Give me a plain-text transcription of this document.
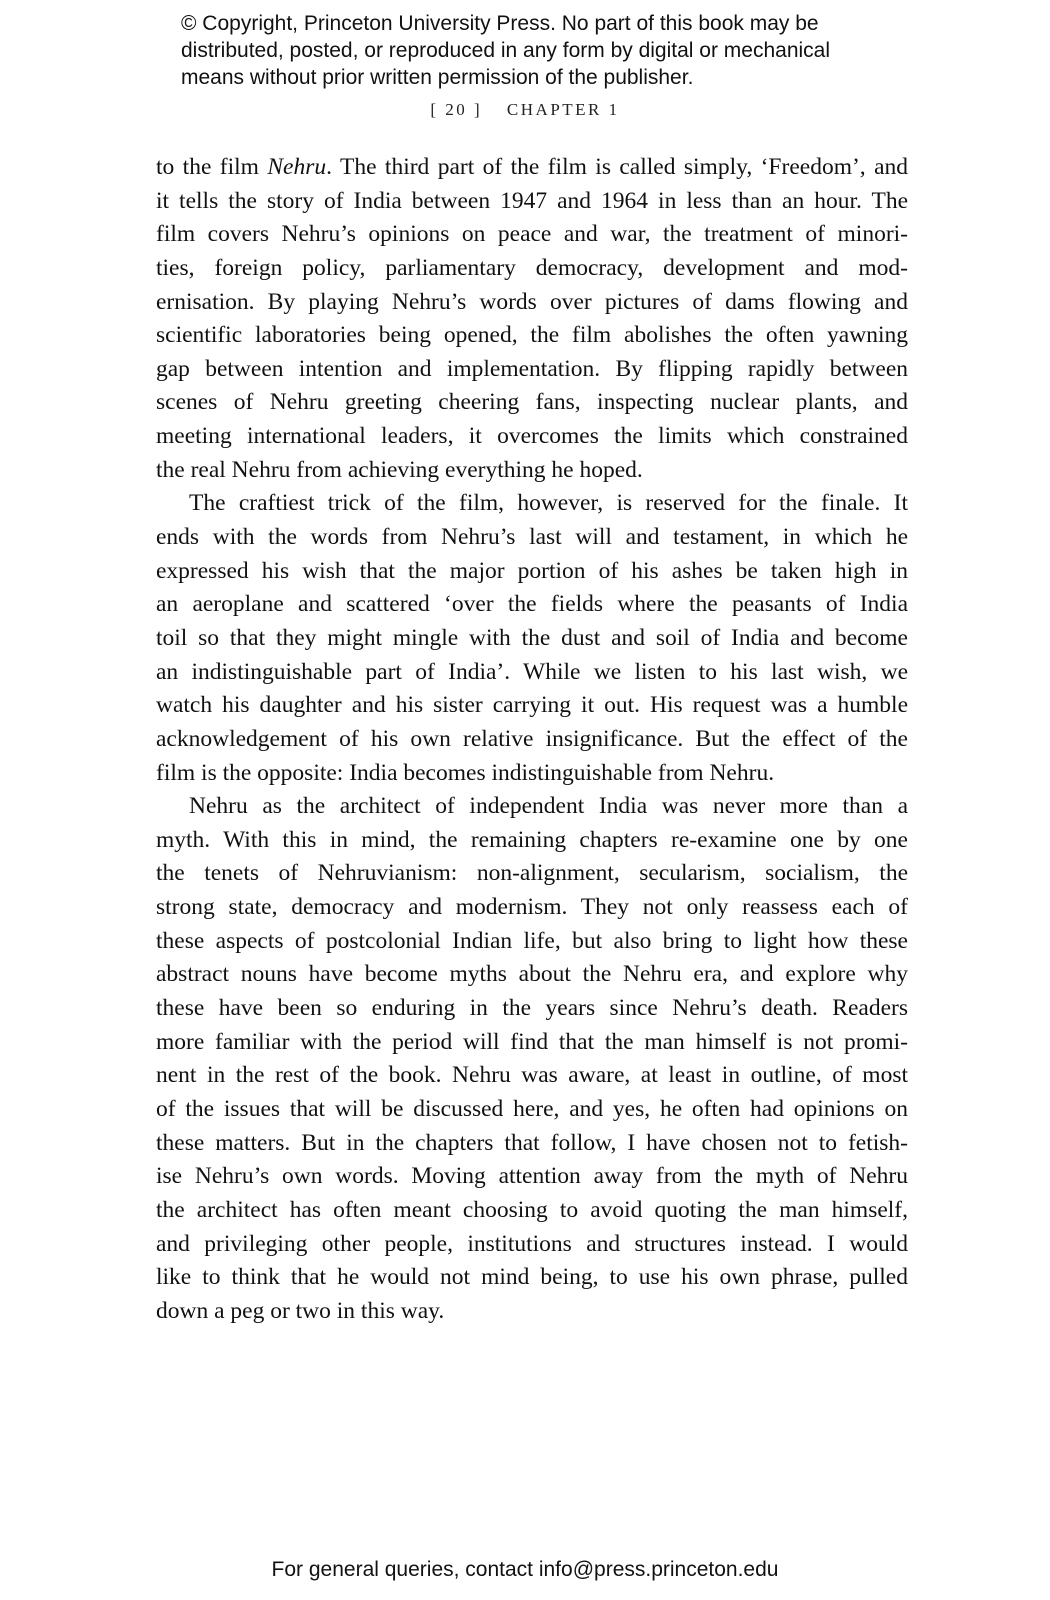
© Copyright, Princeton University Press. No part of this book may be
distributed, posted, or reproduced in any form by digital or mechanical
means without prior written permission of the publisher.
[ 20 ] CHAPTER 1
to the film Nehru. The third part of the film is called simply, ‘Freedom’, and
it tells the story of India between 1947 and 1964 in less than an hour. The
film covers Nehru’s opinions on peace and war, the treatment of minori-
ties, foreign policy, parliamentary democracy, development and mod-
ernisation. By playing Nehru’s words over pictures of dams flowing and
scientific laboratories being opened, the film abolishes the often yawning
gap between intention and implementation. By flipping rapidly between
scenes of Nehru greeting cheering fans, inspecting nuclear plants, and
meeting international leaders, it overcomes the limits which constrained
the real Nehru from achieving everything he hoped.
The craftiest trick of the film, however, is reserved for the finale. It
ends with the words from Nehru’s last will and testament, in which he
expressed his wish that the major portion of his ashes be taken high in
an aeroplane and scattered ‘over the fields where the peasants of India
toil so that they might mingle with the dust and soil of India and become
an indistinguishable part of India’. While we listen to his last wish, we
watch his daughter and his sister carrying it out. His request was a humble
acknowledgement of his own relative insignificance. But the effect of the
film is the opposite: India becomes indistinguishable from Nehru.
Nehru as the architect of independent India was never more than a
myth. With this in mind, the remaining chapters re-examine one by one
the tenets of Nehruvianism: non-alignment, secularism, socialism, the
strong state, democracy and modernism. They not only reassess each of
these aspects of postcolonial Indian life, but also bring to light how these
abstract nouns have become myths about the Nehru era, and explore why
these have been so enduring in the years since Nehru’s death. Readers
more familiar with the period will find that the man himself is not promi-
nent in the rest of the book. Nehru was aware, at least in outline, of most
of the issues that will be discussed here, and yes, he often had opinions on
these matters. But in the chapters that follow, I have chosen not to fetish-
ise Nehru’s own words. Moving attention away from the myth of Nehru
the architect has often meant choosing to avoid quoting the man himself,
and privileging other people, institutions and structures instead. I would
like to think that he would not mind being, to use his own phrase, pulled
down a peg or two in this way.
For general queries, contact info@press.princeton.edu
